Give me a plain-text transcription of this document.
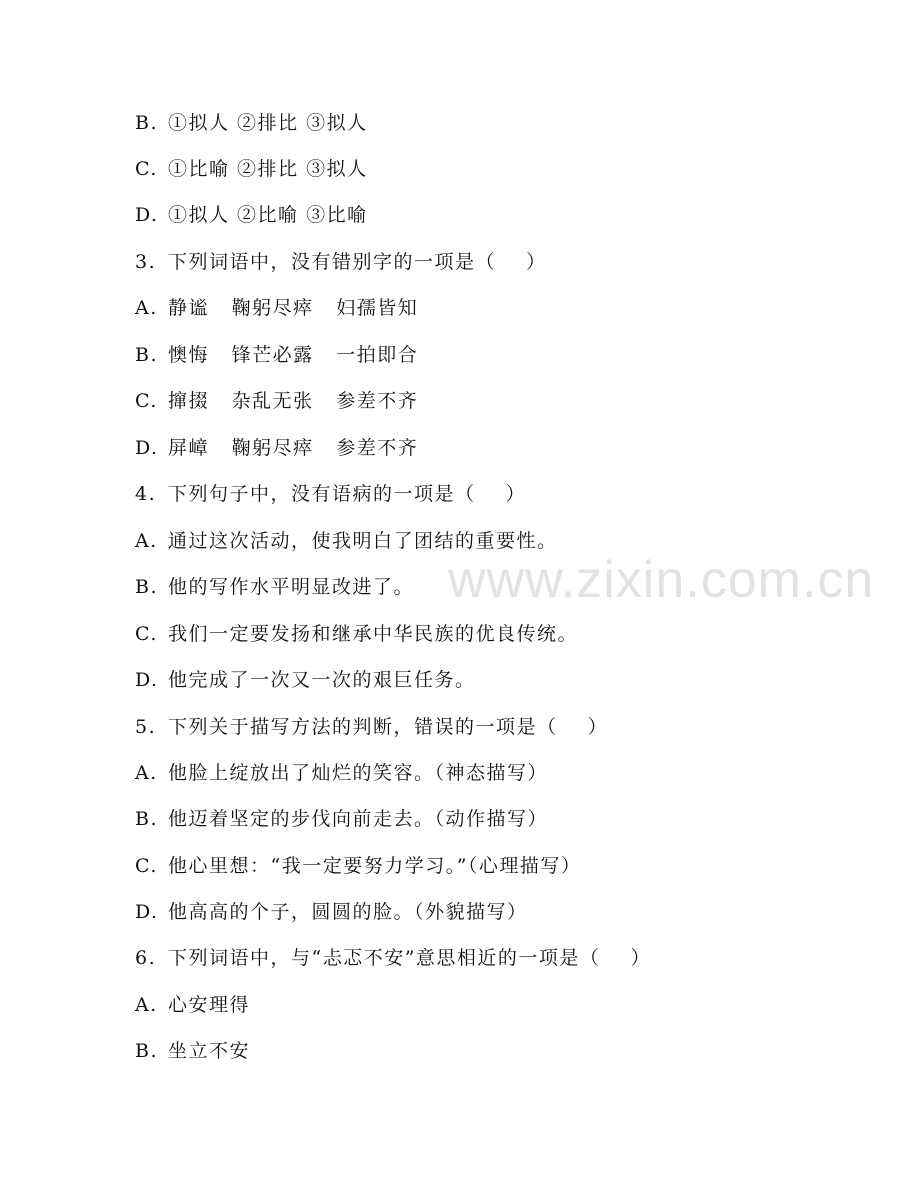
B. ①拟人 ②排比 ③拟人
C. ①比喻 ②排比 ③拟人
D. ①拟人 ②比喻 ③比喻
3. 下列词语中，没有错别字的一项是（    ）
A. 静谧   鞠躬尽瘁   妇孺皆知
B. 懊悔   锋芒必露   一拍即合
C. 撺掇   杂乱无张   参差不齐
D. 屏嶂   鞠躬尽瘁   参差不齐
4. 下列句子中，没有语病的一项是（    ）
A. 通过这次活动，使我明白了团结的重要性。
B. 他的写作水平明显改进了。
C. 我们一定要发扬和继承中华民族的优良传统。
D. 他完成了一次又一次的艰巨任务。
5. 下列关于描写方法的判断，错误的一项是（    ）
A. 他脸上绽放出了灿烂的笑容。（神态描写）
B. 他迈着坚定的步伐向前走去。（动作描写）
C. 他心里想：“我一定要努力学习。”（心理描写）
D. 他高高的个子，圆圆的脸。（外貌描写）
6. 下列词语中，与“忐忑不安”意思相近的一项是（    ）
A. 心安理得
B. 坐立不安
www.zixin.com.cn
